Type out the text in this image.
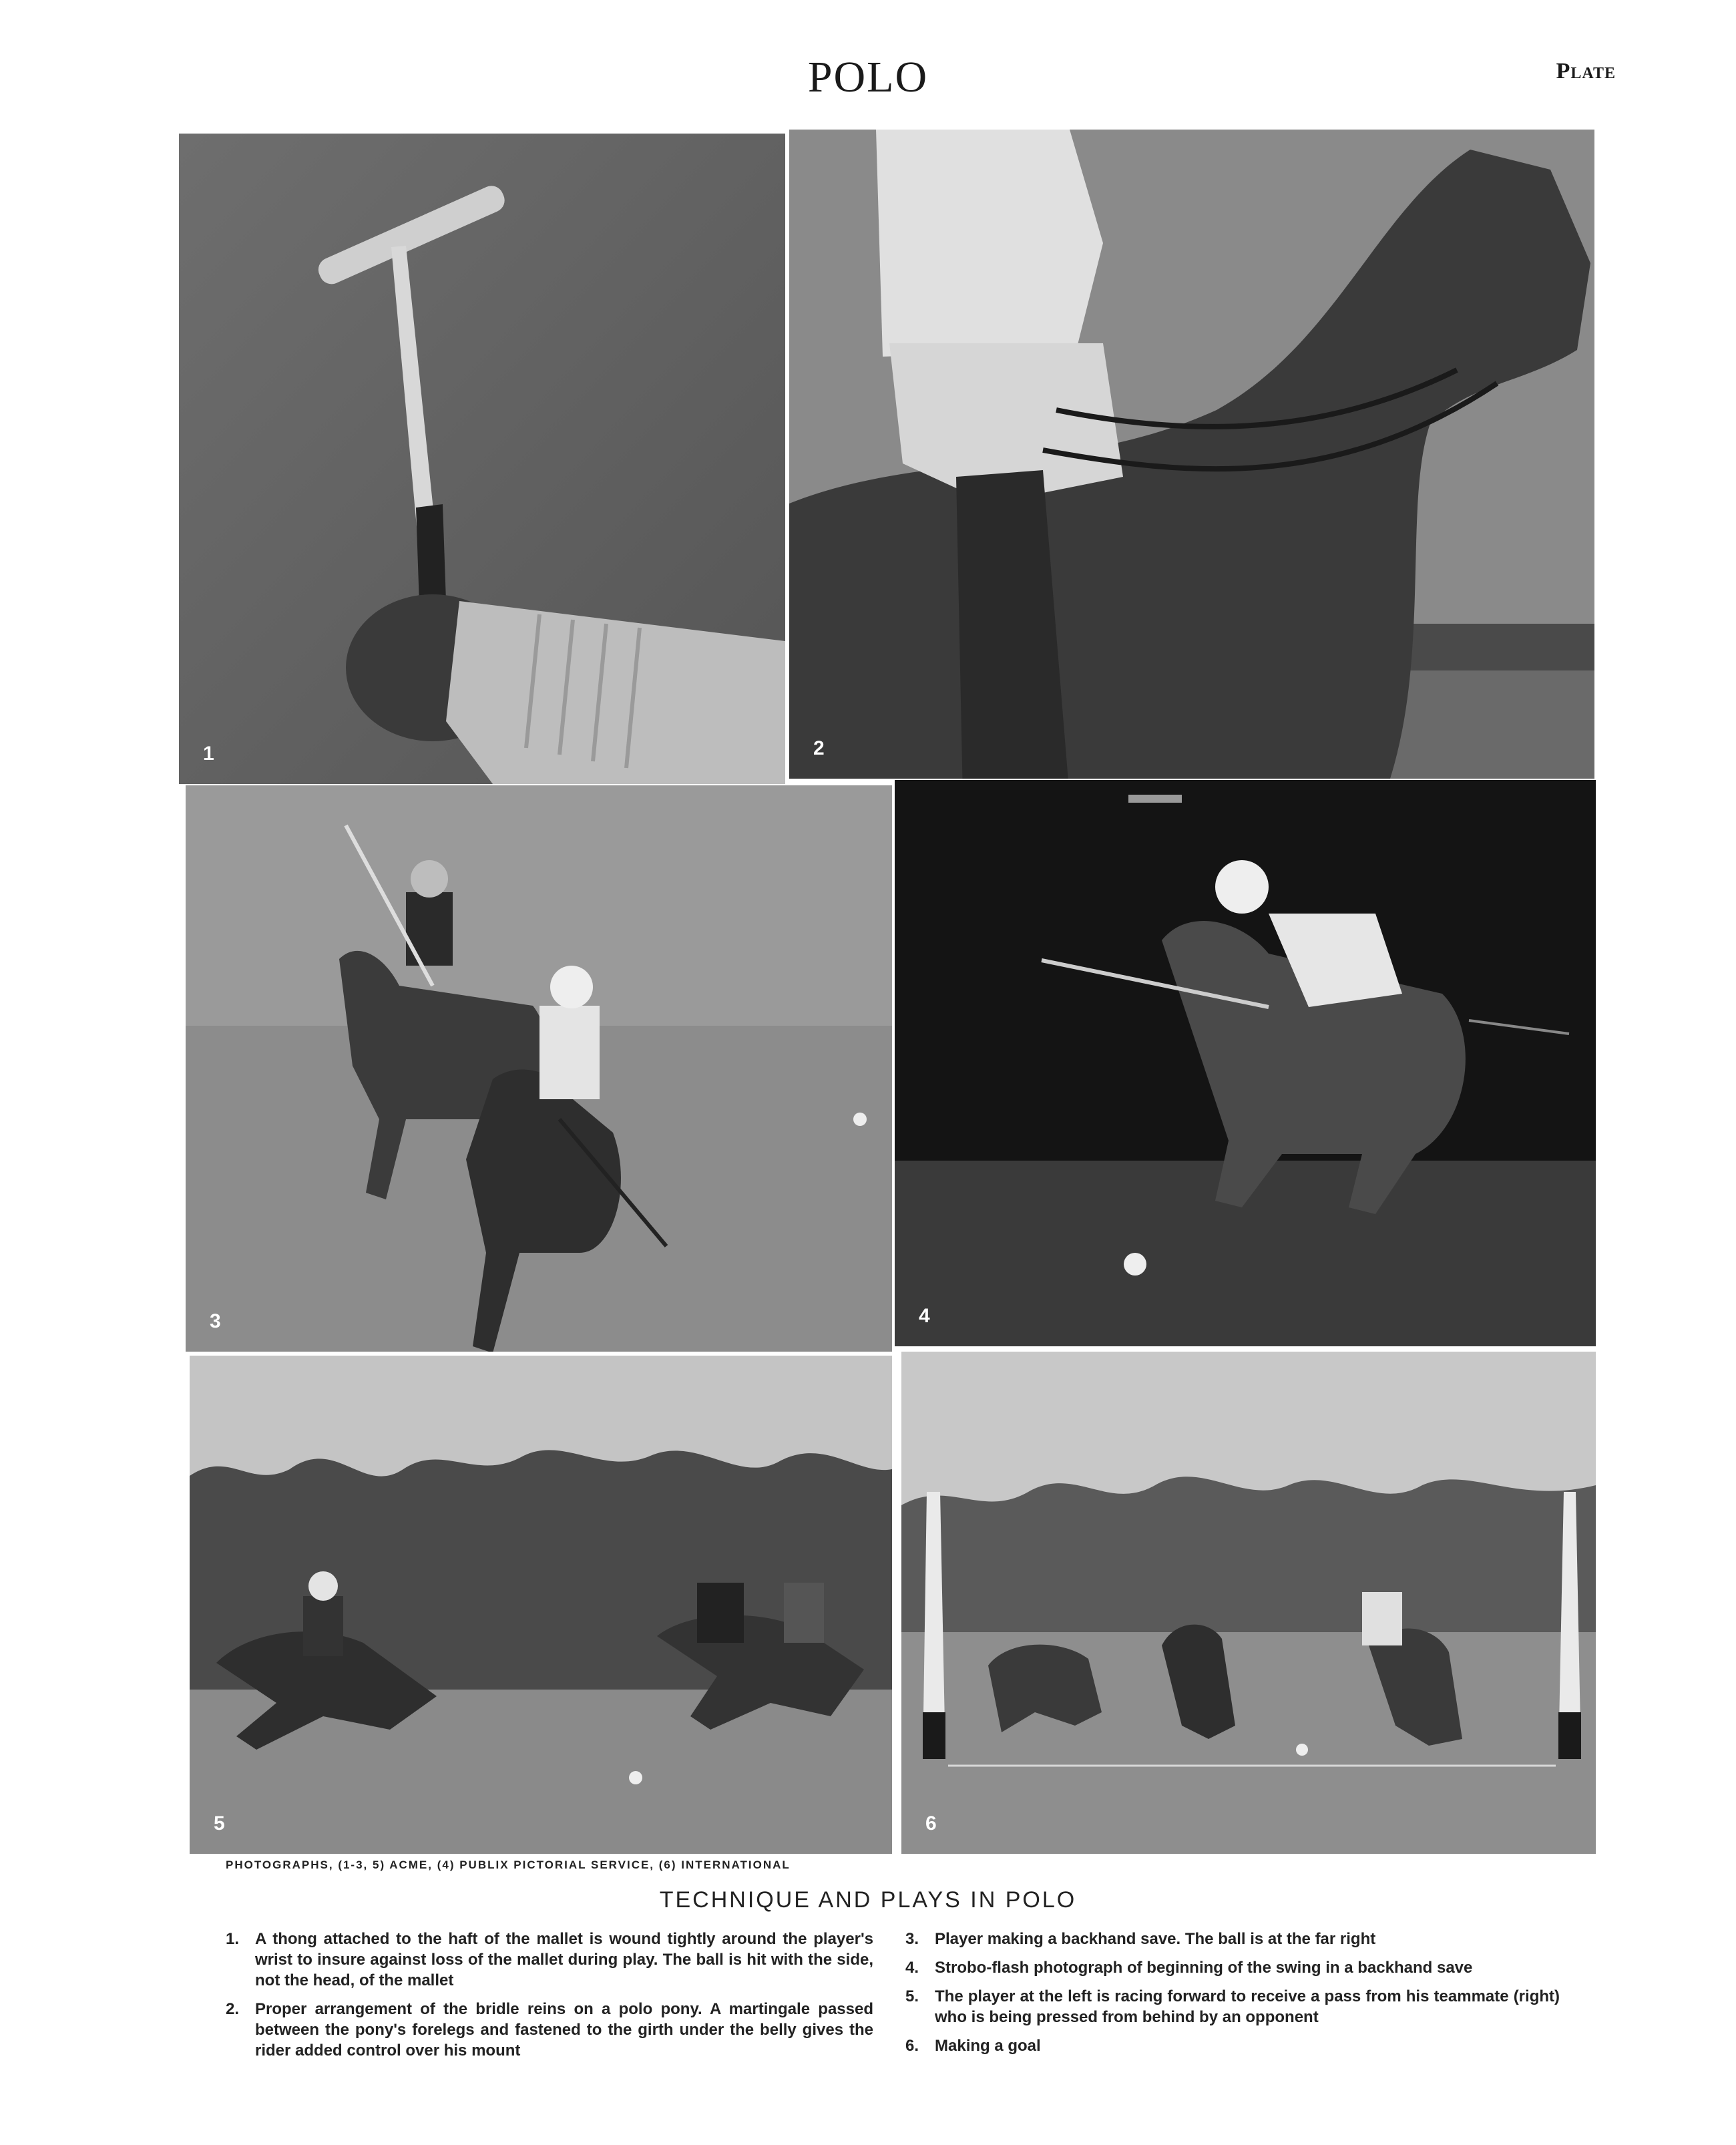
POLO	Plate
1	2
3	4
5	6
PHOTOGRAPHS, (1-3, 5) ACME, (4) PUBLIX PICTORIAL SERVICE, (6) INTERNATIONAL
TECHNIQUE AND PLAYS IN POLO
1. A thong attached to the haft of the mallet is wound tightly around the player's wrist to insure against loss of the mallet during play. The ball is hit with the side, not the head, of the mallet
2. Proper arrangement of the bridle reins on a polo pony. A martingale passed between the pony's forelegs and fastened to the girth under the belly gives the rider added control over his mount
3. Player making a backhand save. The ball is at the far right
4. Strobo-flash photograph of beginning of the swing in a backhand save
5. The player at the left is racing forward to receive a pass from his teammate (right) who is being pressed from behind by an opponent
6. Making a goal
